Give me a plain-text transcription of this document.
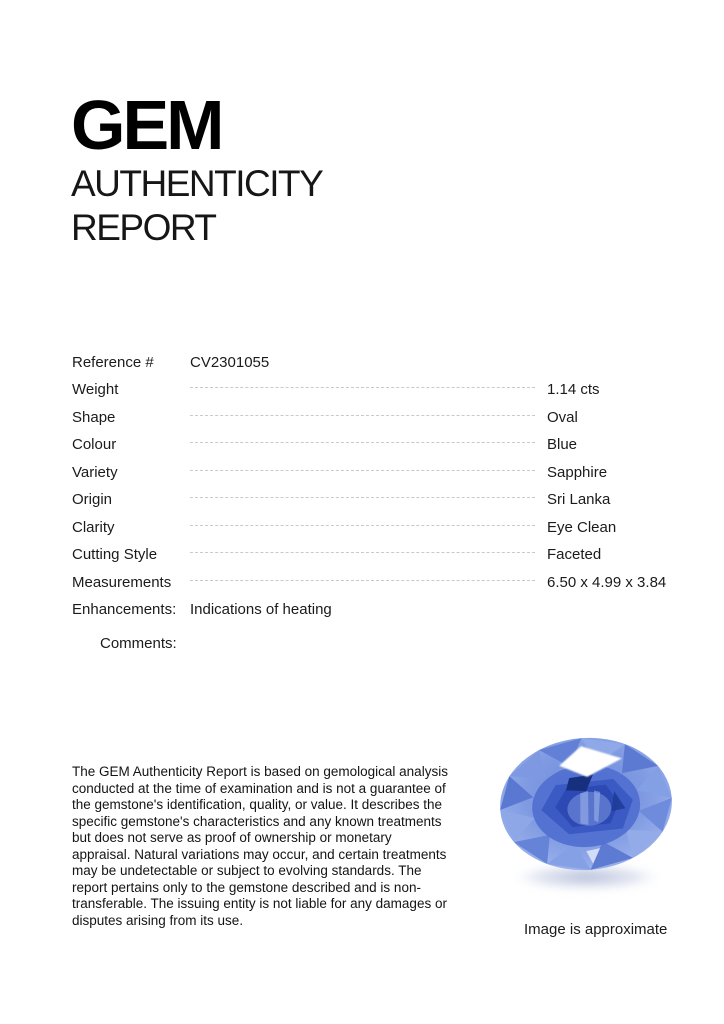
GEM
AUTHENTICITY
REPORT
Reference #	CV2301055
Weight	1.14 cts
Shape	Oval
Colour	Blue
Variety	Sapphire
Origin	Sri Lanka
Clarity	Eye Clean
Cutting Style	Faceted
Measurements	6.50 x 4.99 x 3.84
Enhancements: Indications of heating
Comments:
The GEM Authenticity Report is based on gemological analysis conducted at the time of examination and is not a guarantee of the gemstone's identification, quality, or value. It describes the specific gemstone's characteristics and any known treatments but does not serve as proof of ownership or monetary appraisal. Natural variations may occur, and certain treatments may be undetectable or subject to evolving standards. The report pertains only to the gemstone described and is non-transferable. The issuing entity is not liable for any damages or disputes arising from its use.
Image is approximate
